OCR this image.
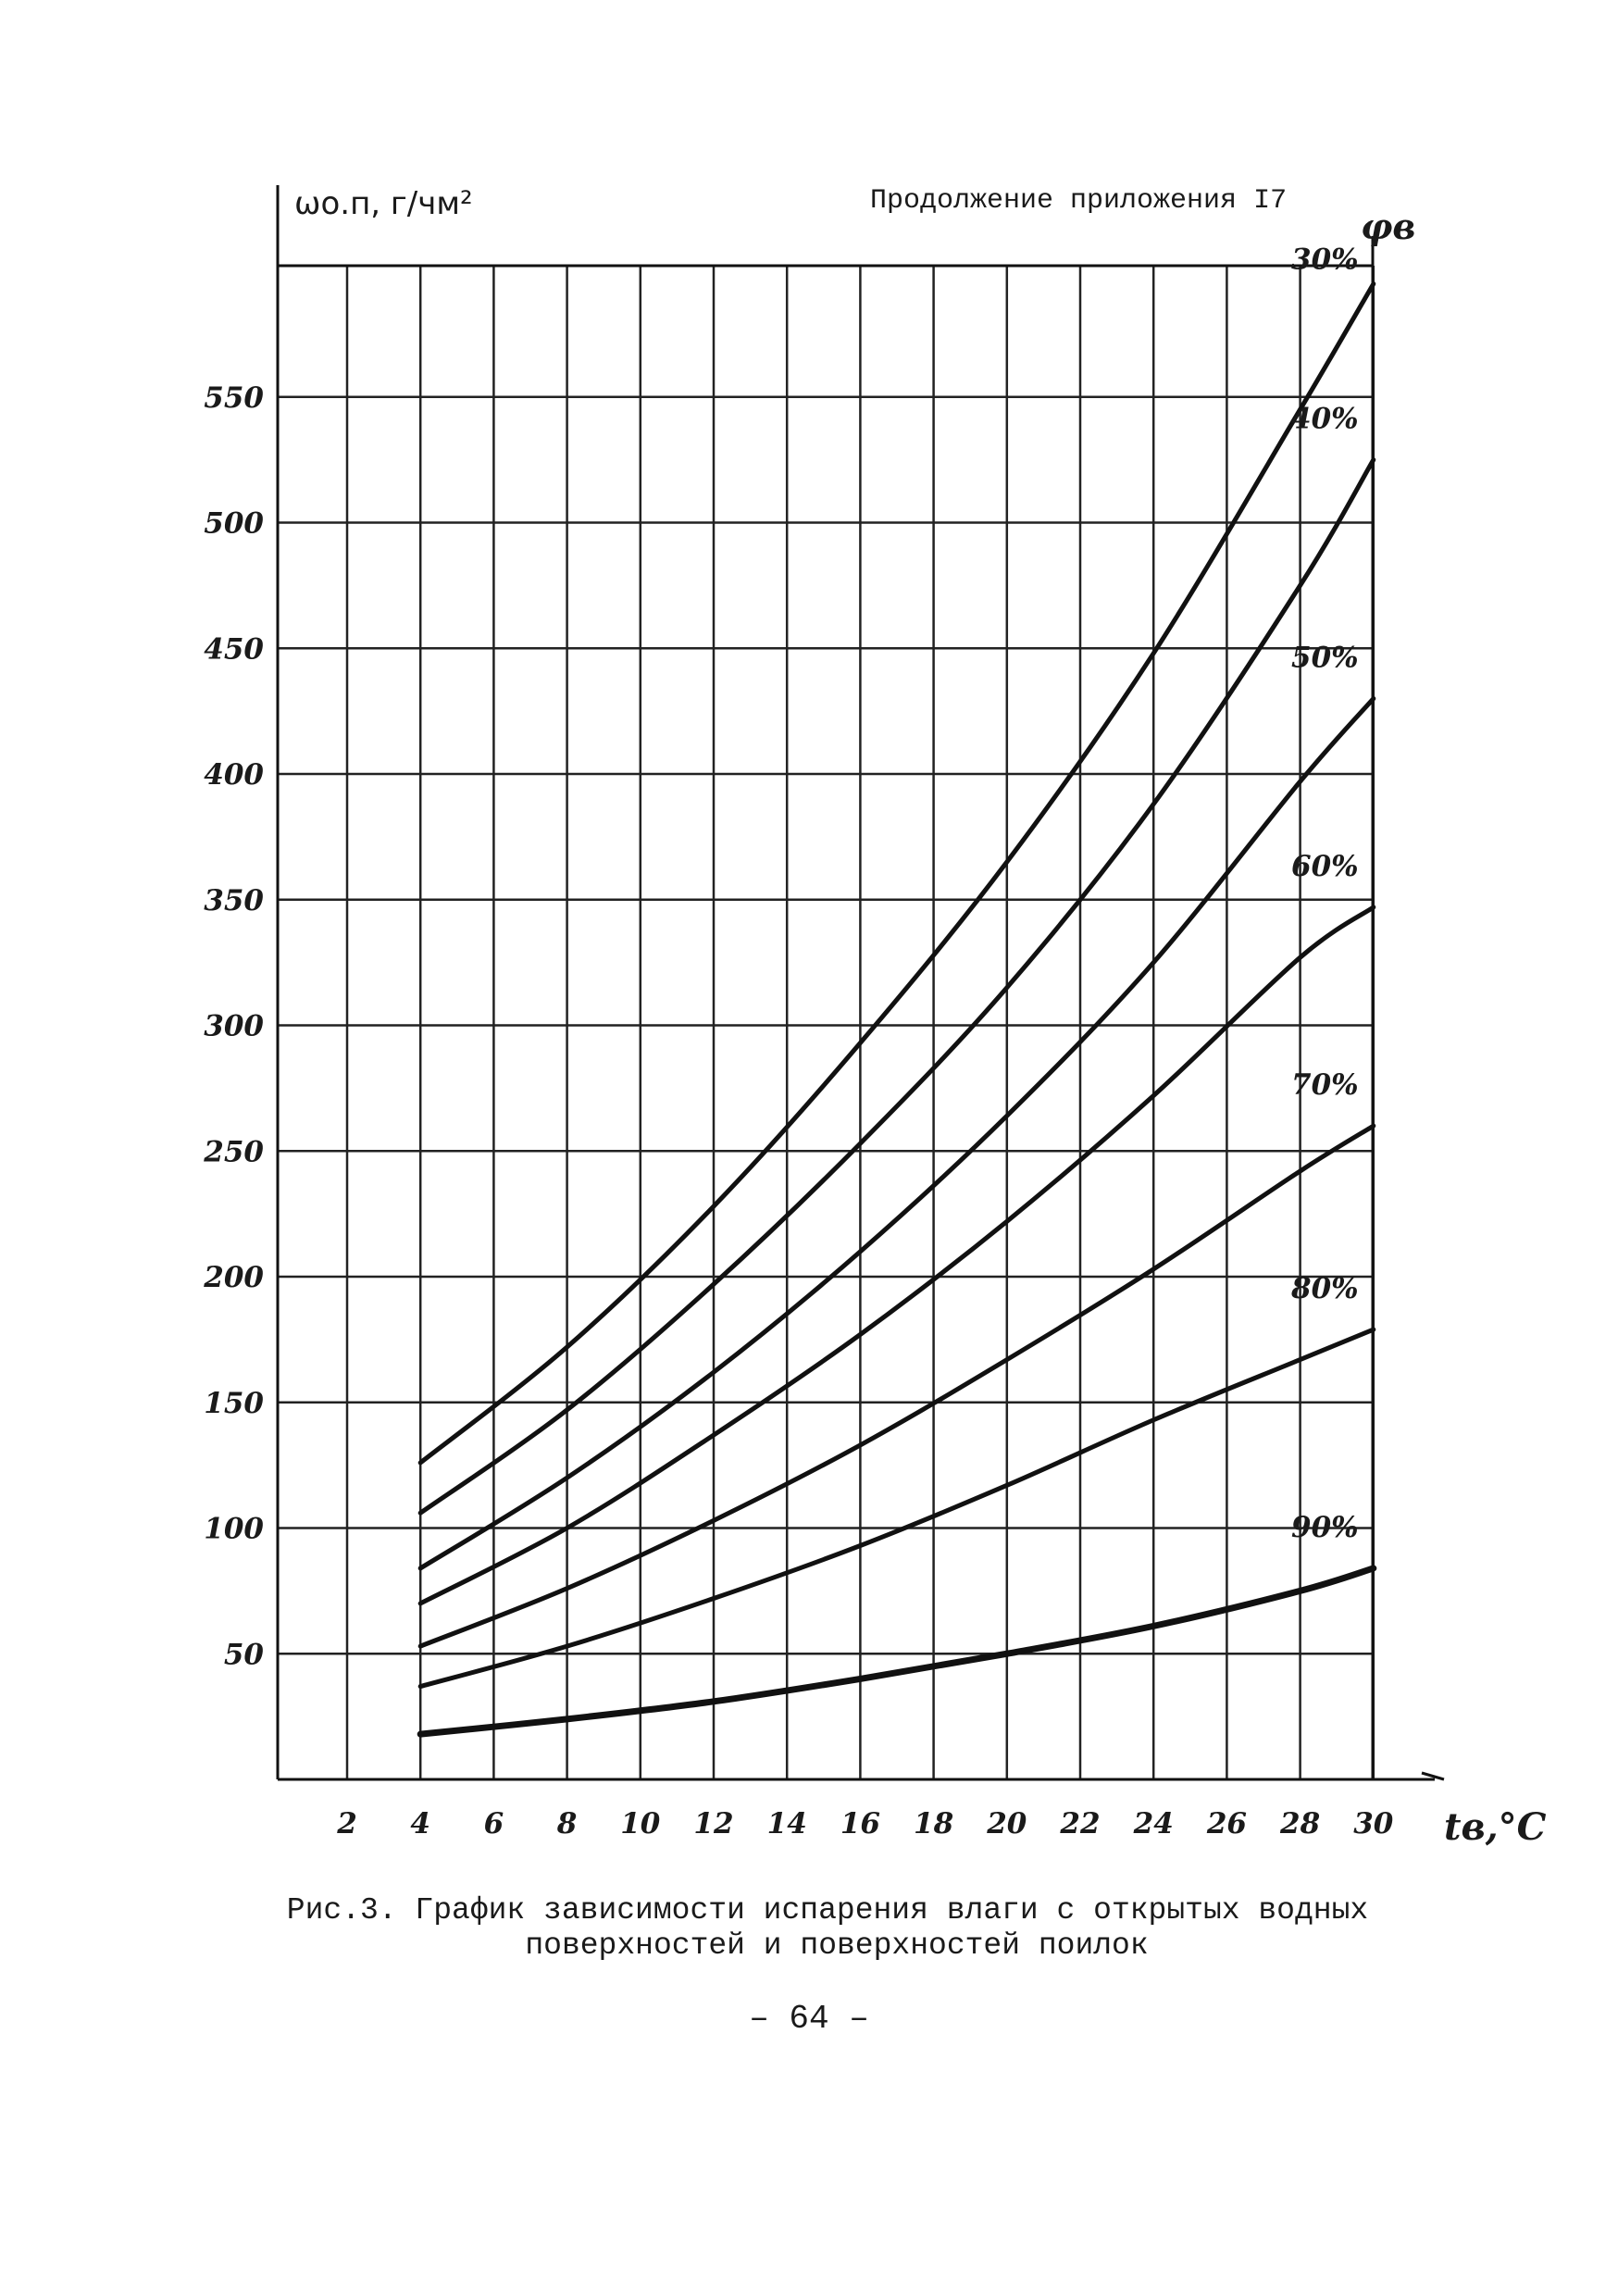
2 4 6 8 10 12 14 16 18 20 22 24 26 28 30
50
100
150
200
250
300
350
400
450
500
550
30%
40%
50%
60%
70%
80%
90%
ωо.п, г/чм²	Продолжение приложения I7
φв
tв,°C
Рис.3. График зависимости испарения влаги с открытых водных
поверхностей и поверхностей поилок
– 64 –
